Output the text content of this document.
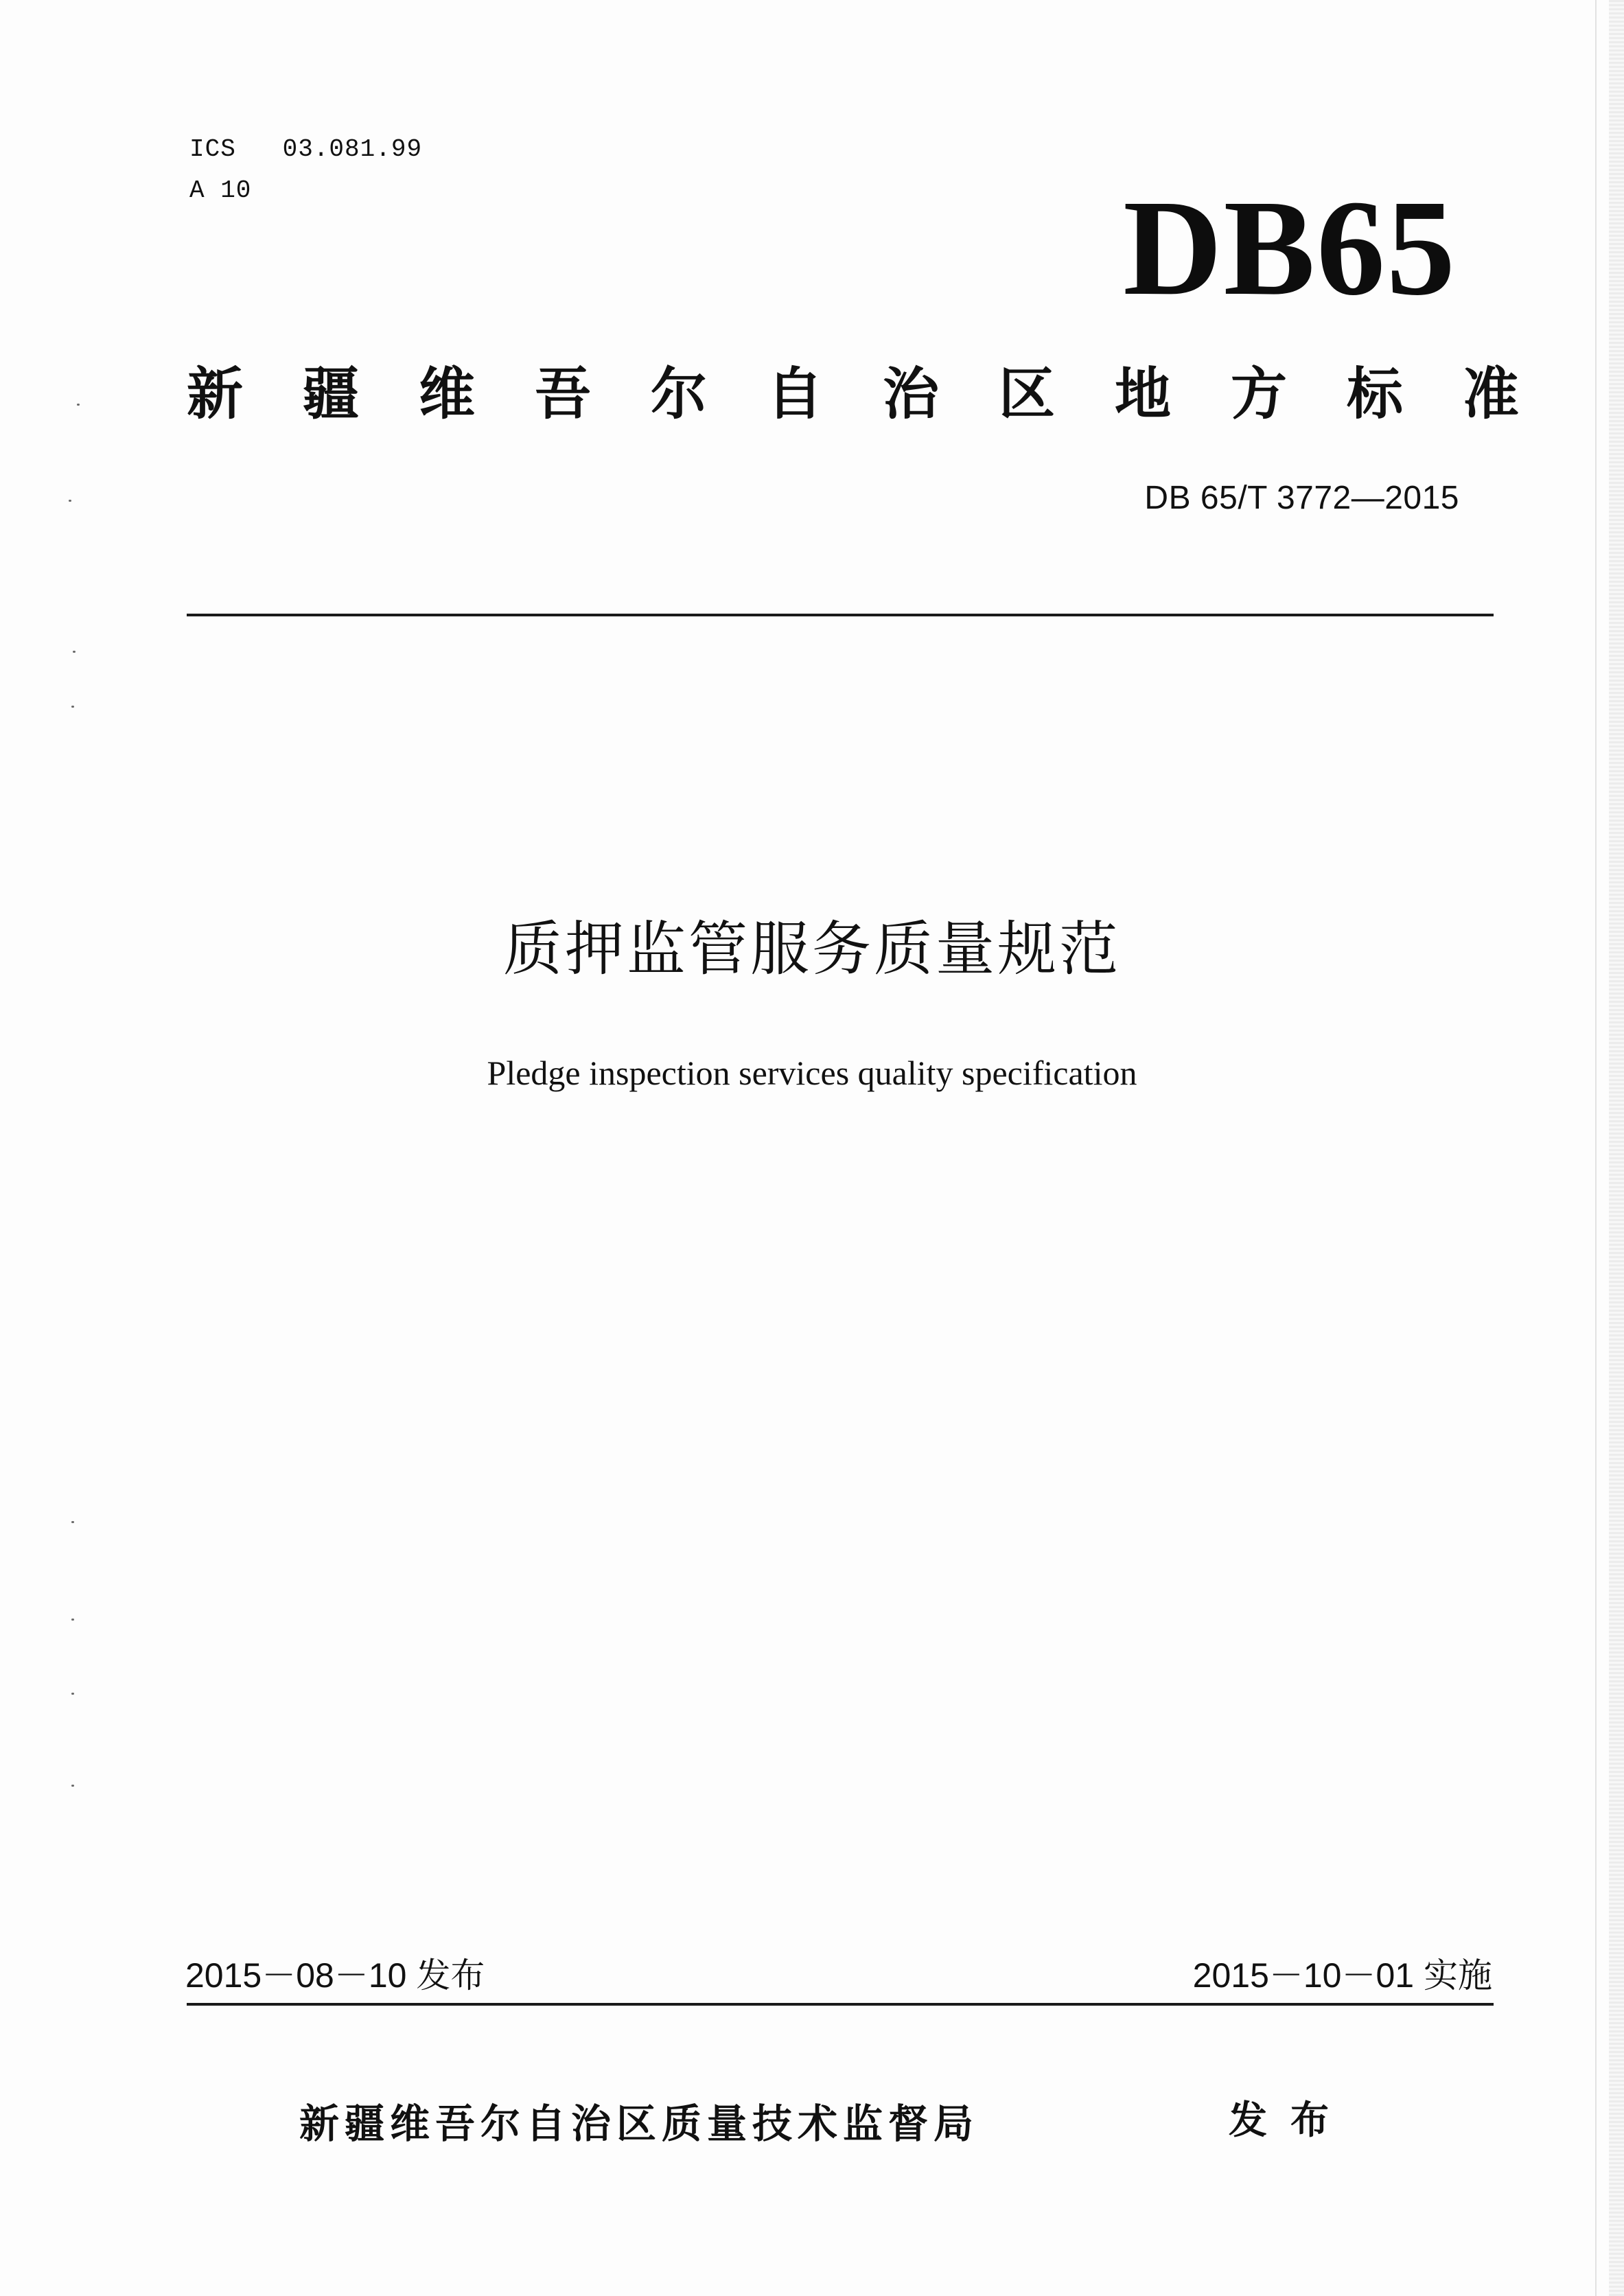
ICS   03.081.99
A 10	DB65
新疆维吾尔自治区地方标准
DB 65/T 3772—2015
质押监管服务质量规范
Pledge inspection services quality specification
2015－08－10 发布	2015－10－01 实施
新疆维吾尔自治区质量技术监督局	发布
